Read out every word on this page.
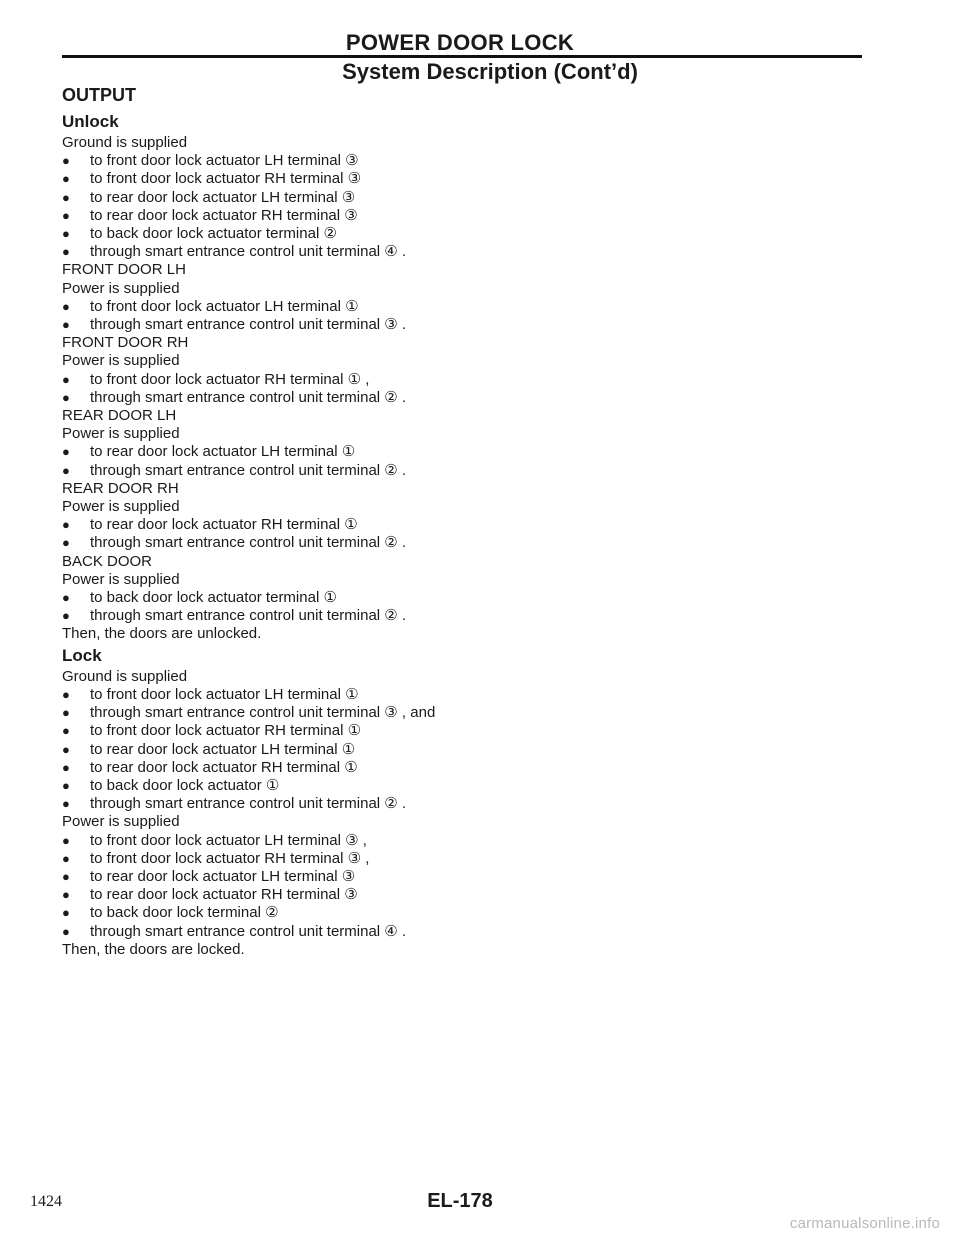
POWER DOOR LOCK
System Description (Cont’d)
OUTPUT
Unlock
Ground is supplied
● to front door lock actuator LH terminal ③
● to front door lock actuator RH terminal ③
● to rear door lock actuator LH terminal ③
● to rear door lock actuator RH terminal ③
● to back door lock actuator terminal ②
● through smart entrance control unit terminal ④ .
FRONT DOOR LH
Power is supplied
● to front door lock actuator LH terminal ①
● through smart entrance control unit terminal ③ .
FRONT DOOR RH
Power is supplied
● to front door lock actuator RH terminal ① ,
● through smart entrance control unit terminal ② .
REAR DOOR LH
Power is supplied
● to rear door lock actuator LH terminal ①
● through smart entrance control unit terminal ② .
REAR DOOR RH
Power is supplied
● to rear door lock actuator RH terminal ①
● through smart entrance control unit terminal ② .
BACK DOOR
Power is supplied
● to back door lock actuator terminal ①
● through smart entrance control unit terminal ② .
Then, the doors are unlocked.
Lock
Ground is supplied
● to front door lock actuator LH terminal ①
● through smart entrance control unit terminal ③ , and
● to front door lock actuator RH terminal ①
● to rear door lock actuator LH terminal ①
● to rear door lock actuator RH terminal ①
● to back door lock actuator ①
● through smart entrance control unit terminal ② .
Power is supplied
● to front door lock actuator LH terminal ③ ,
● to front door lock actuator RH terminal ③ ,
● to rear door lock actuator LH terminal ③
● to rear door lock actuator RH terminal ③
● to back door lock terminal ②
● through smart entrance control unit terminal ④ .
Then, the doors are locked.
1424	EL-178
carmanualsonline.info
